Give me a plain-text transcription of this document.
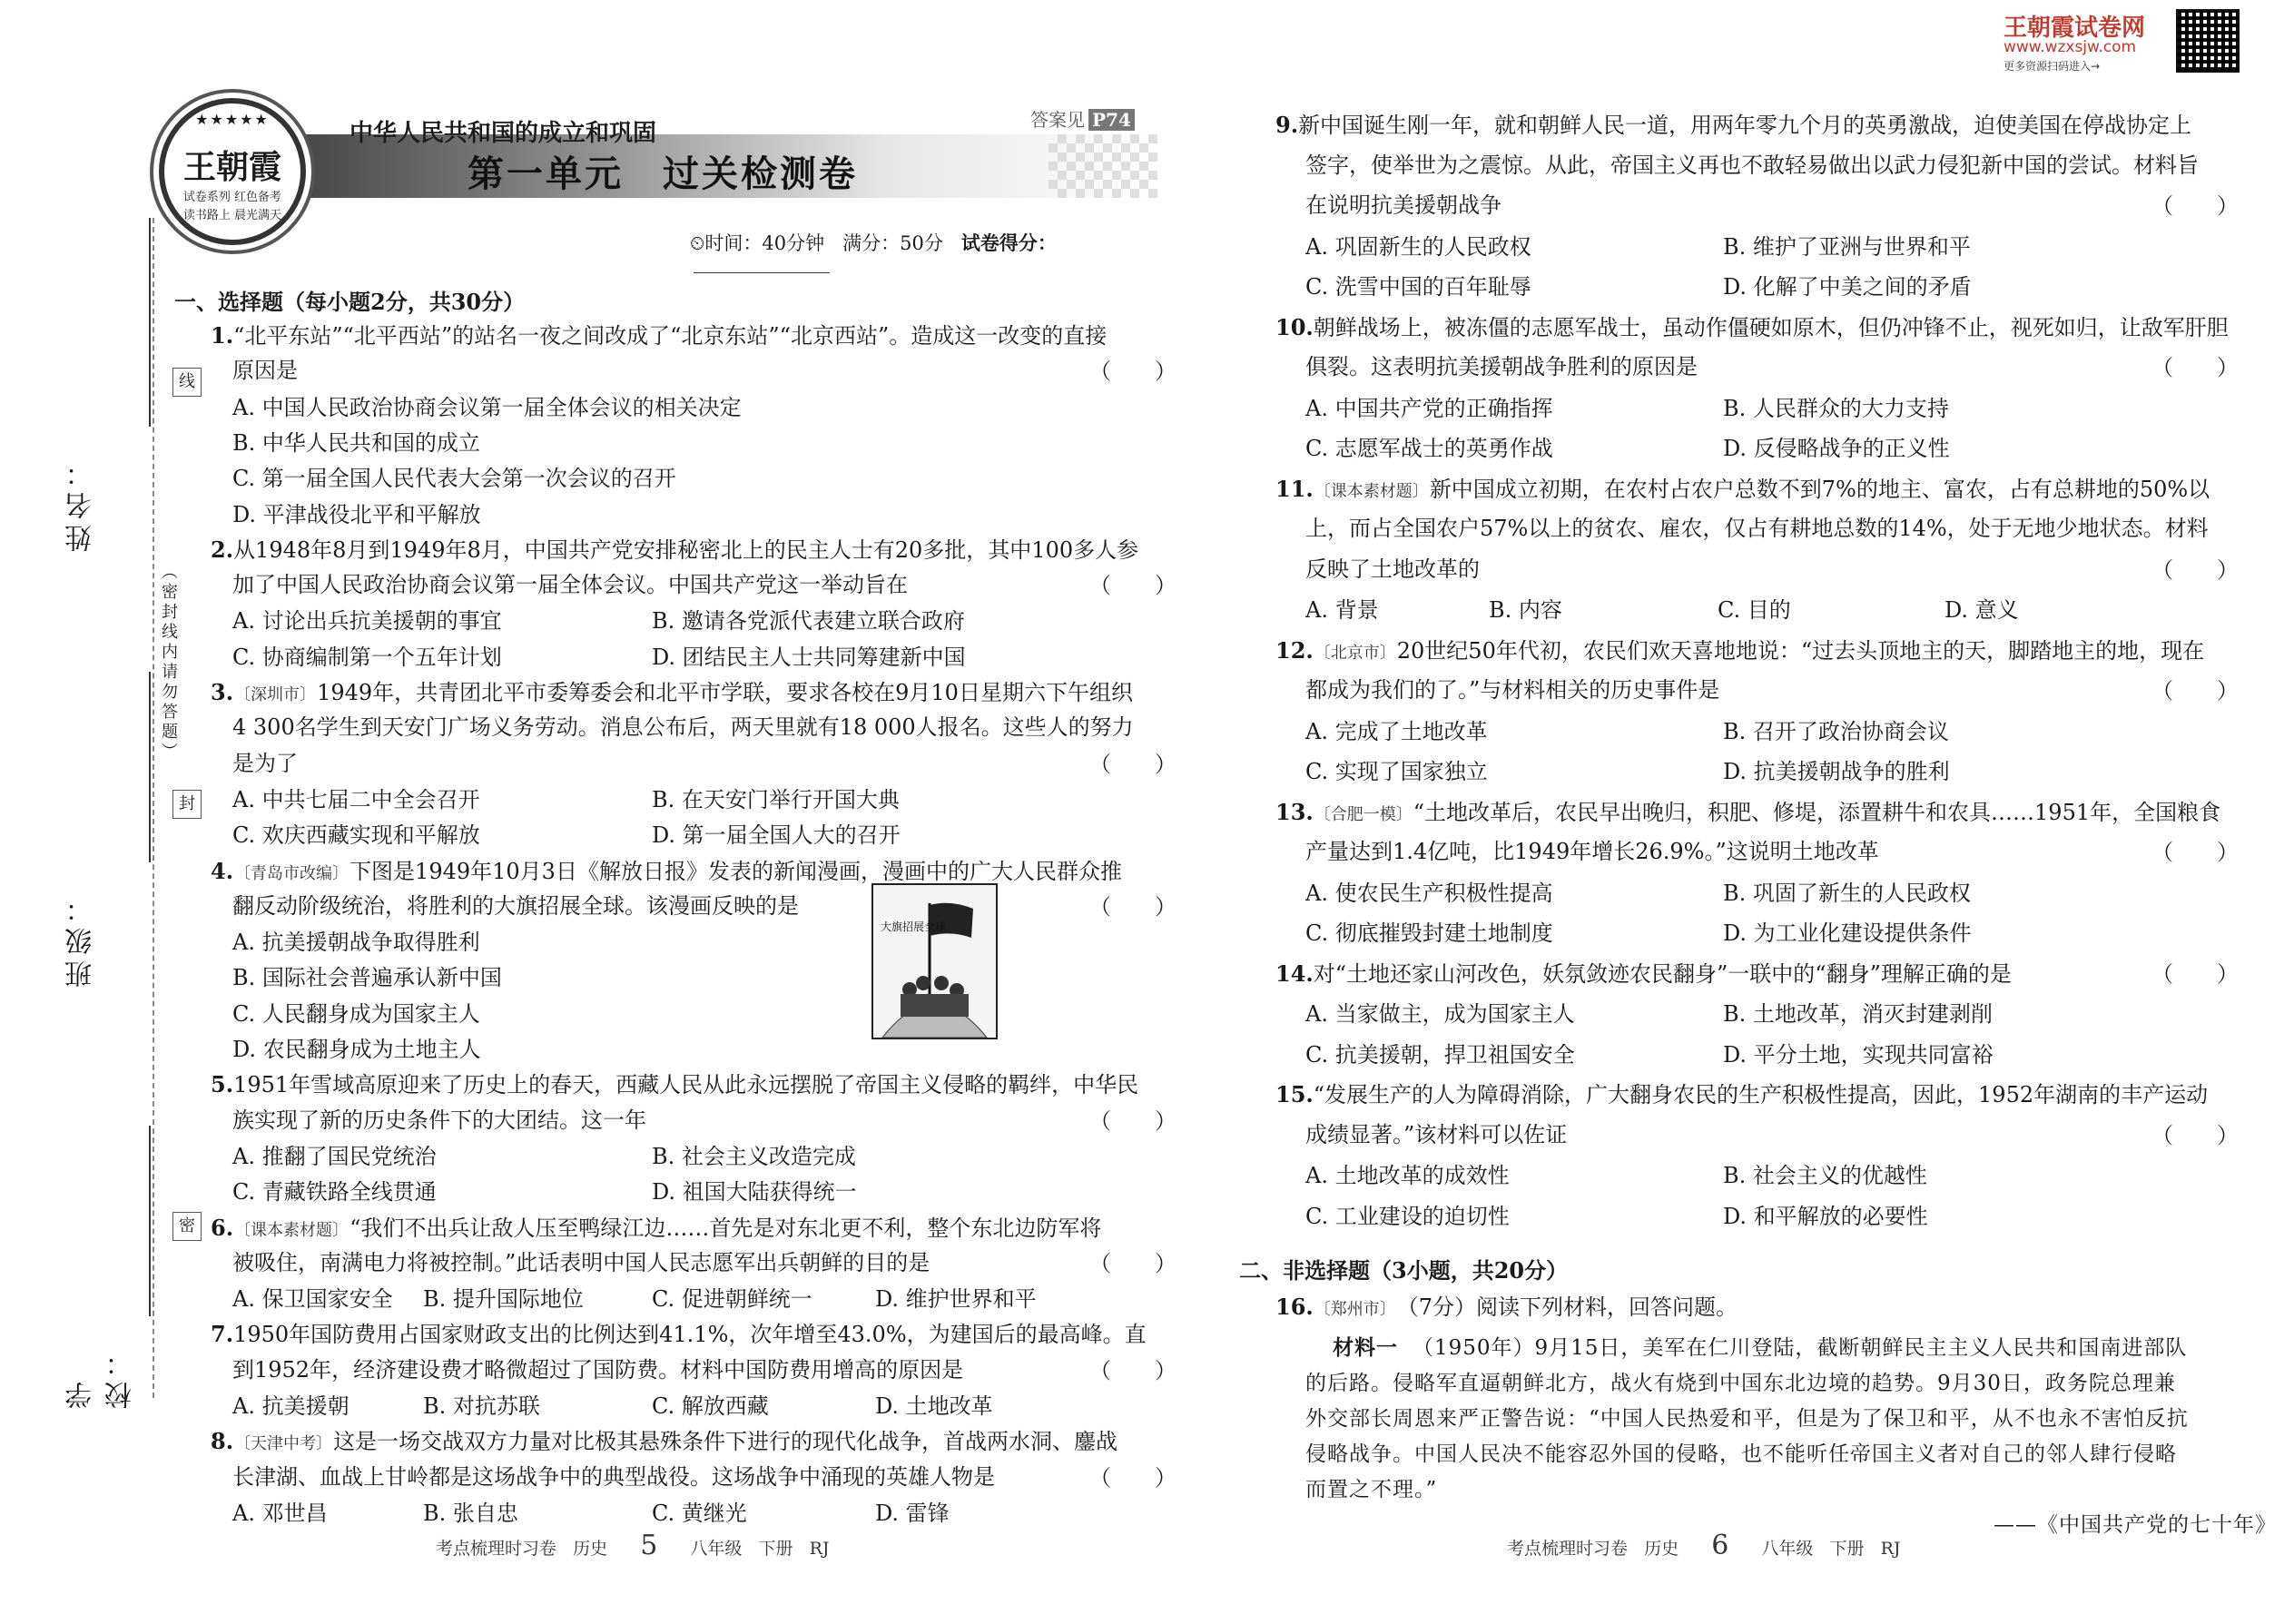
姓名：
班级：
学校：
线
（密封线内请勿答题）
封
密
★★★★★
王朝霞
试卷系列 红色备考
读书路上 晨光满天
中华人民共和国的成立和巩固
第一单元　过关检测卷
答案见 P74
⏲时间：40分钟 满分：50分 试卷得分：
一、选择题（每小题2分，共30分）
1.“北平东站”“北平西站”的站名一夜之间改成了“北京东站”“北京西站”。造成这一改变的直接
原因是	（　　）
A. 中国人民政治协商会议第一届全体会议的相关决定
B. 中华人民共和国的成立
C. 第一届全国人民代表大会第一次会议的召开
D. 平津战役北平和平解放
2.从1948年8月到1949年8月，中国共产党安排秘密北上的民主人士有20多批，其中100多人参
加了中国人民政治协商会议第一届全体会议。中国共产党这一举动旨在	（　　）
A. 讨论出兵抗美援朝的事宜	B. 邀请各党派代表建立联合政府
C. 协商编制第一个五年计划	D. 团结民主人士共同筹建新中国
3.〔深圳市〕1949年，共青团北平市委筹委会和北平市学联，要求各校在9月10日星期六下午组织
4 300名学生到天安门广场义务劳动。消息公布后，两天里就有18 000人报名。这些人的努力
是为了	（　　）
A. 中共七届二中全会召开	B. 在天安门举行开国大典
C. 欢庆西藏实现和平解放	D. 第一届全国人大的召开
4.〔青岛市改编〕下图是1949年10月3日《解放日报》发表的新闻漫画，漫画中的广大人民群众推
翻反动阶级统治，将胜利的大旗招展全球。该漫画反映的是	（　　）
A. 抗美援朝战争取得胜利
B. 国际社会普遍承认新中国
C. 人民翻身成为国家主人
D. 农民翻身成为土地主人
5.1951年雪域高原迎来了历史上的春天，西藏人民从此永远摆脱了帝国主义侵略的羁绊，中华民
族实现了新的历史条件下的大团结。这一年	（　　）
A. 推翻了国民党统治	B. 社会主义改造完成
C. 青藏铁路全线贯通	D. 祖国大陆获得统一
6.〔课本素材题〕“我们不出兵让敌人压至鸭绿江边……首先是对东北更不利，整个东北边防军将
被吸住，南满电力将被控制。”此话表明中国人民志愿军出兵朝鲜的目的是	（　　）
A. 保卫国家安全 B. 提升国际地位	C. 促进朝鲜统一	D. 维护世界和平
7.1950年国防费用占国家财政支出的比例达到41.1%，次年增至43.0%，为建国后的最高峰。直
到1952年，经济建设费才略微超过了国防费。材料中国防费用增高的原因是	（　　）
A. 抗美援朝	B. 对抗苏联	C. 解放西藏	D. 土地改革
8.〔天津中考〕这是一场交战双方力量对比极其悬殊条件下进行的现代化战争，首战两水洞、鏖战
长津湖、血战上甘岭都是这场战争中的典型战役。这场战争中涌现的英雄人物是	（　　）
A. 邓世昌	B. 张自忠	C. 黄继光	D. 雷锋
大旗招展全球
考点梳理时习卷 历史 5 八年级 下册 RJ
王朝霞试卷网
www.wzxsjw.com
更多资源扫码进入→
9.新中国诞生刚一年，就和朝鲜人民一道，用两年零九个月的英勇激战，迫使美国在停战协定上
签字，使举世为之震惊。从此，帝国主义再也不敢轻易做出以武力侵犯新中国的尝试。材料旨
在说明抗美援朝战争	（　　）
A. 巩固新生的人民政权	B. 维护了亚洲与世界和平
C. 洗雪中国的百年耻辱	D. 化解了中美之间的矛盾
10.朝鲜战场上，被冻僵的志愿军战士，虽动作僵硬如原木，但仍冲锋不止，视死如归，让敌军肝胆
俱裂。这表明抗美援朝战争胜利的原因是	（　　）
A. 中国共产党的正确指挥	B. 人民群众的大力支持
C. 志愿军战士的英勇作战	D. 反侵略战争的正义性
11.〔课本素材题〕新中国成立初期，在农村占农户总数不到7%的地主、富农，占有总耕地的50%以
上，而占全国农户57%以上的贫农、雇农，仅占有耕地总数的14%，处于无地少地状态。材料
反映了土地改革的	（　　）
A. 背景	B. 内容	C. 目的	D. 意义
12.〔北京市〕20世纪50年代初，农民们欢天喜地地说：“过去头顶地主的天，脚踏地主的地，现在
都成为我们的了。”与材料相关的历史事件是	（　　）
A. 完成了土地改革	B. 召开了政治协商会议
C. 实现了国家独立	D. 抗美援朝战争的胜利
13.〔合肥一模〕“土地改革后，农民早出晚归，积肥、修堤，添置耕牛和农具……1951年，全国粮食
产量达到1.4亿吨，比1949年增长26.9%。”这说明土地改革	（　　）
A. 使农民生产积极性提高	B. 巩固了新生的人民政权
C. 彻底摧毁封建土地制度	D. 为工业化建设提供条件
14.对“土地还家山河改色，妖氛敛迹农民翻身”一联中的“翻身”理解正确的是	（　　）
A. 当家做主，成为国家主人	B. 土地改革，消灭封建剥削
C. 抗美援朝，捍卫祖国安全	D. 平分土地，实现共同富裕
15.“发展生产的人为障碍消除，广大翻身农民的生产积极性提高，因此，1952年湖南的丰产运动
成绩显著。”该材料可以佐证	（　　）
A. 土地改革的成效性	B. 社会主义的优越性
C. 工业建设的迫切性	D. 和平解放的必要性
二、非选择题（3小题，共20分）
16.〔郑州市〕（7分）阅读下列材料，回答问题。
材料一 （1950年）9月15日，美军在仁川登陆，截断朝鲜民主主义人民共和国南进部队
的后路。侵略军直逼朝鲜北方，战火有烧到中国东北边境的趋势。9月30日，政务院总理兼
外交部长周恩来严正警告说：“中国人民热爱和平，但是为了保卫和平，从不也永不害怕反抗
侵略战争。中国人民决不能容忍外国的侵略，也不能听任帝国主义者对自己的邻人肆行侵略
而置之不理。”
——《中国共产党的七十年》
考点梳理时习卷 历史 6 八年级 下册 RJ
